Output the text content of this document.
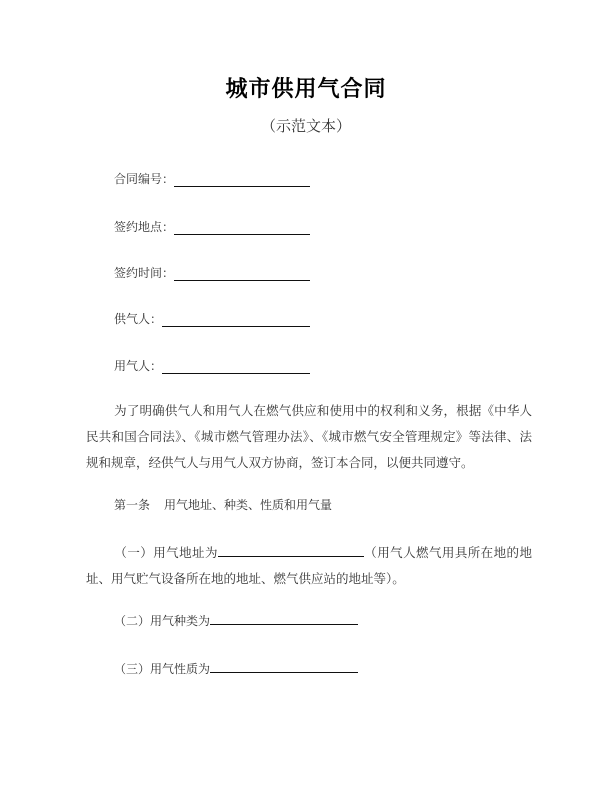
城市供用气合同
（示范文本）
合同编号：
签约地点：
签约时间：
供气人：
用气人：
为了明确供气人和用气人在燃气供应和使用中的权利和义务，根据《中华人民共和国合同法》、《城市燃气管理办法》、《城市燃气安全管理规定》等法律、法规和规章，经供气人与用气人双方协商，签订本合同，以便共同遵守。
第一条 用气地址、种类、性质和用气量
（一）用气地址为	（用气人燃气用具所在地的地址、用气贮气设备所在地的地址、燃气供应站的地址等）。
（二）用气种类为
（三）用气性质为
